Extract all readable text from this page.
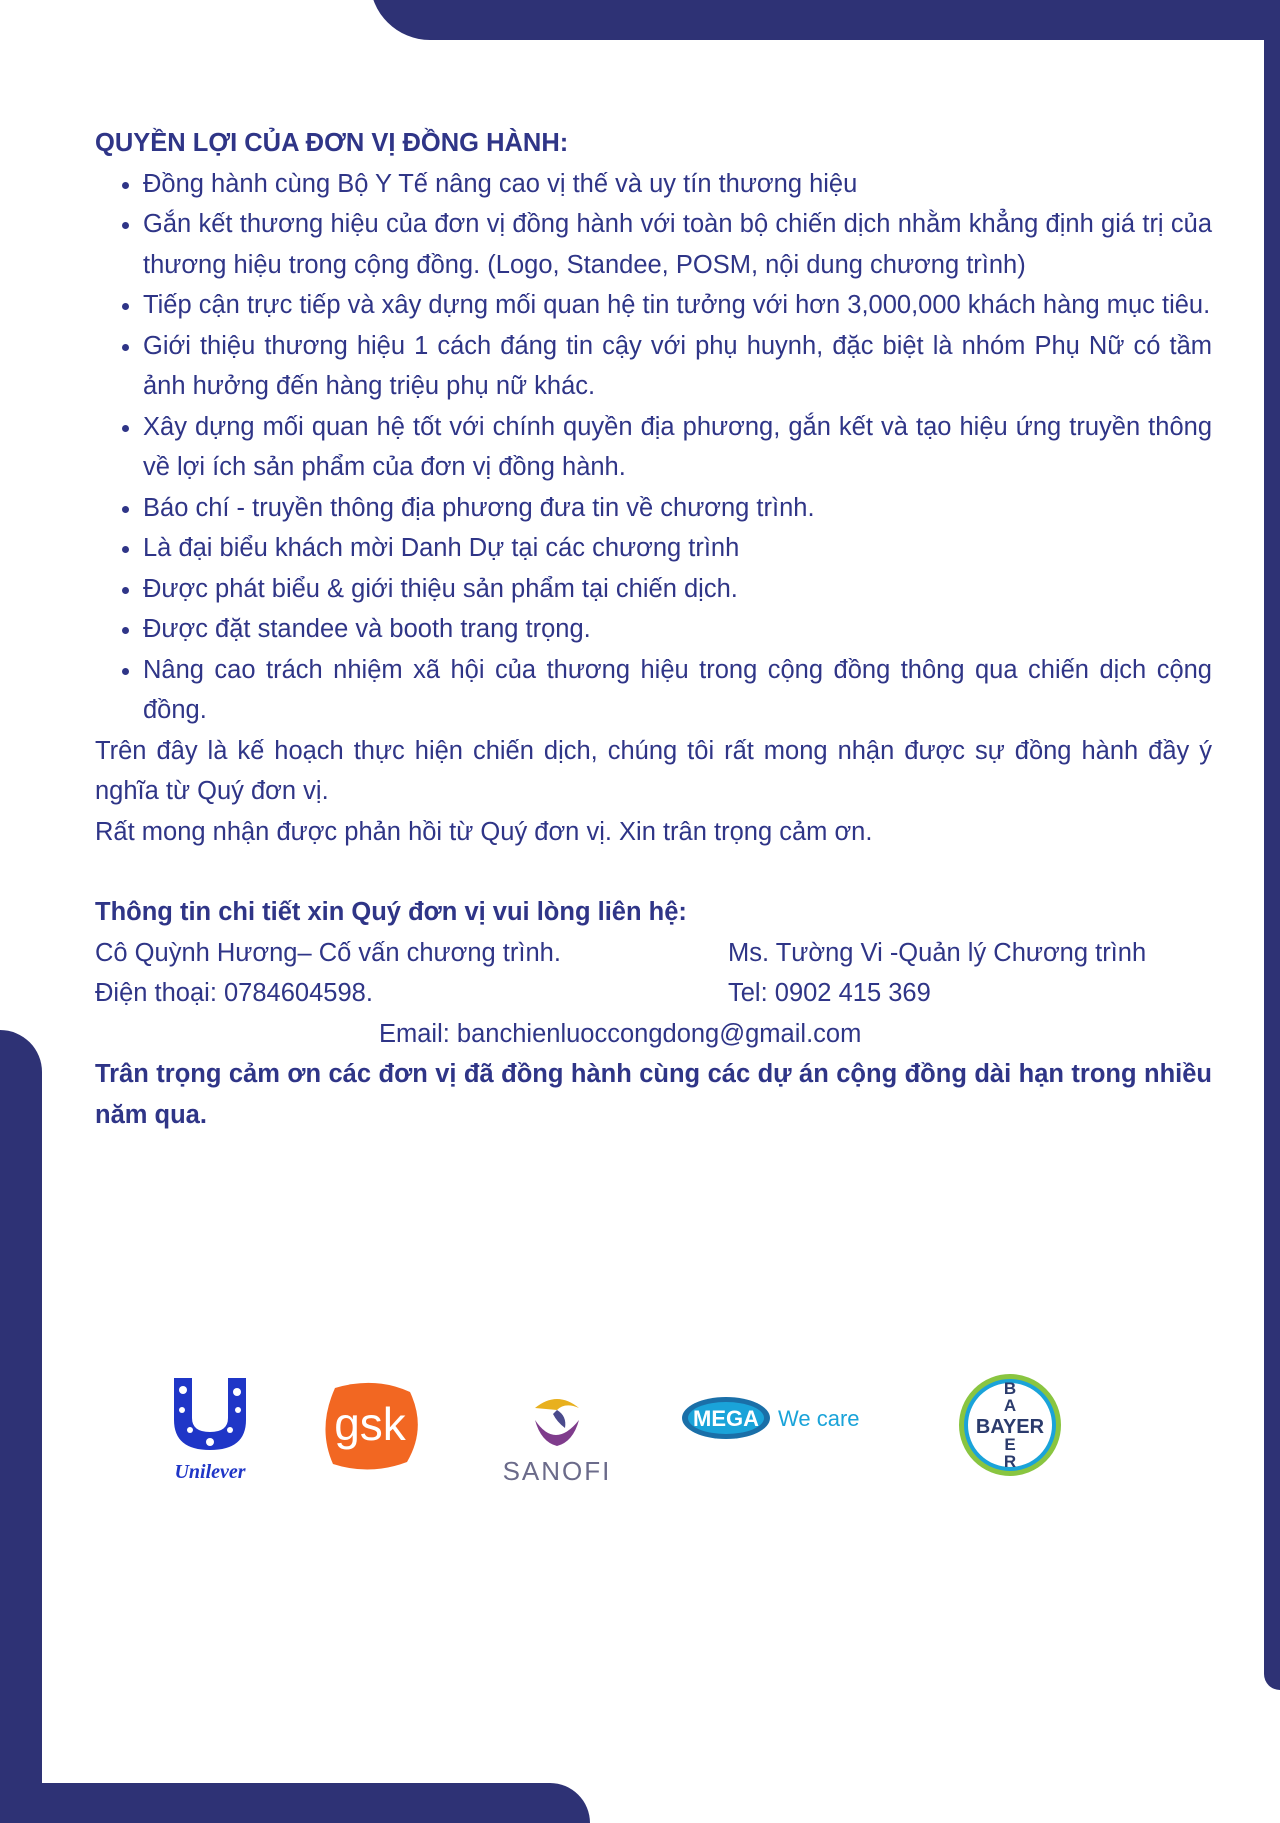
QUYỀN LỢI CỦA ĐƠN VỊ ĐỒNG HÀNH:

• Đồng hành cùng Bộ Y Tế nâng cao vị thế và uy tín thương hiệu
• Gắn kết thương hiệu của đơn vị đồng hành với toàn bộ chiến dịch nhằm khẳng định giá trị của thương hiệu trong cộng đồng. (Logo, Standee, POSM, nội dung chương trình)
• Tiếp cận trực tiếp và xây dựng mối quan hệ tin tưởng với hơn 3,000,000 khách hàng mục tiêu.
• Giới thiệu thương hiệu 1 cách đáng tin cậy với phụ huynh, đặc biệt là nhóm Phụ Nữ có tầm ảnh hưởng đến hàng triệu phụ nữ khác.
• Xây dựng mối quan hệ tốt với chính quyền địa phương, gắn kết và tạo hiệu ứng truyền thông về lợi ích sản phẩm của đơn vị đồng hành.
• Báo chí - truyền thông địa phương đưa tin về chương trình.
• Là đại biểu khách mời Danh Dự tại các chương trình
• Được phát biểu & giới thiệu sản phẩm tại chiến dịch.
• Được đặt standee và booth trang trọng.
• Nâng cao trách nhiệm xã hội của thương hiệu trong cộng đồng thông qua chiến dịch cộng đồng.

Trên đây là kế hoạch thực hiện chiến dịch, chúng tôi rất mong nhận được sự đồng hành đầy ý nghĩa từ Quý đơn vị.

Rất mong nhận được phản hồi từ Quý đơn vị. Xin trân trọng cảm ơn.

Thông tin chi tiết xin Quý đơn vị vui lòng liên hệ:

Cô Quỳnh Hương– Cố vấn chương trình.	Ms. Tường Vi -Quản lý Chương trình
Điện thoại: 0784604598.	Tel: 0902 415 369
Email: banchienluoccongdong@gmail.com

Trân trọng cảm ơn các đơn vị đã đồng hành cùng các dự án cộng đồng dài hạn trong nhiều năm qua.

Unilever
gsk
SANOFI
MEGA We care	BAYER
B
A
E
R
